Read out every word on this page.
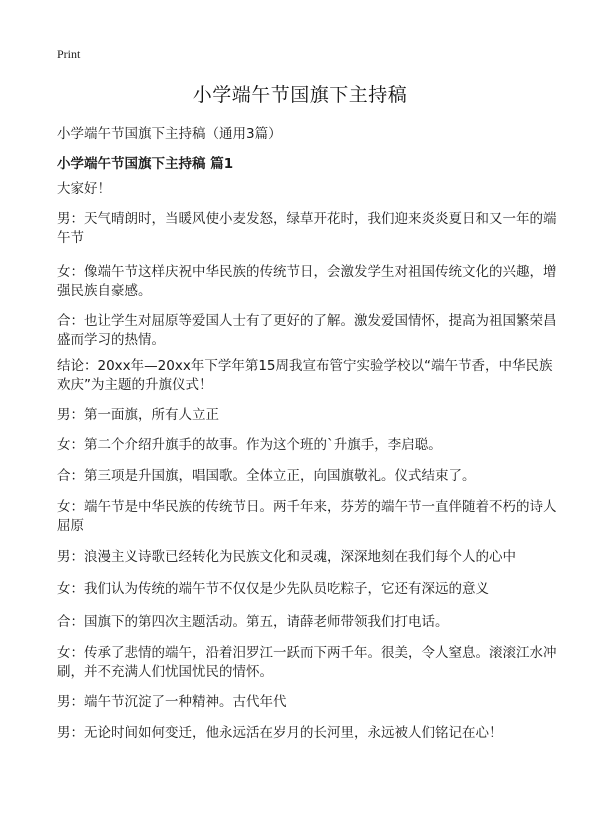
Print
小学端午节国旗下主持稿
小学端午节国旗下主持稿（通用3篇）
小学端午节国旗下主持稿 篇1

大家好！

男：天气晴朗时，当暖风使小麦发怒，绿草开花时，我们迎来炎炎夏日和又一年的端午节

女：像端午节这样庆祝中华民族的传统节日，会激发学生对祖国传统文化的兴趣，增强民族自豪感。

合：也让学生对屈原等爱国人士有了更好的了解。激发爱国情怀，提高为祖国繁荣昌盛而学习的热情。

结论：20xx年—20xx年下学年第15周我宣布管宁实验学校以“端午节香，中华民族欢庆”为主题的升旗仪式！

男：第一面旗，所有人立正

女：第二个介绍升旗手的故事。作为这个班的`升旗手，李启聪。

合：第三项是升国旗，唱国歌。全体立正，向国旗敬礼。仪式结束了。

女：端午节是中华民族的传统节日。两千年来，芬芳的端午节一直伴随着不朽的诗人屈原

男：浪漫主义诗歌已经转化为民族文化和灵魂，深深地刻在我们每个人的心中

女：我们认为传统的端午节不仅仅是少先队员吃粽子，它还有深远的意义

合：国旗下的第四次主题活动。第五，请薛老师带领我们打电话。

女：传承了悲情的端午，沿着汨罗江一跃而下两千年。很美，令人窒息。滚滚江水冲刷，并不充满人们忧国忧民的情怀。

男：端午节沉淀了一种精神。古代年代

男：无论时间如何变迁，他永远活在岁月的长河里，永远被人们铭记在心！
